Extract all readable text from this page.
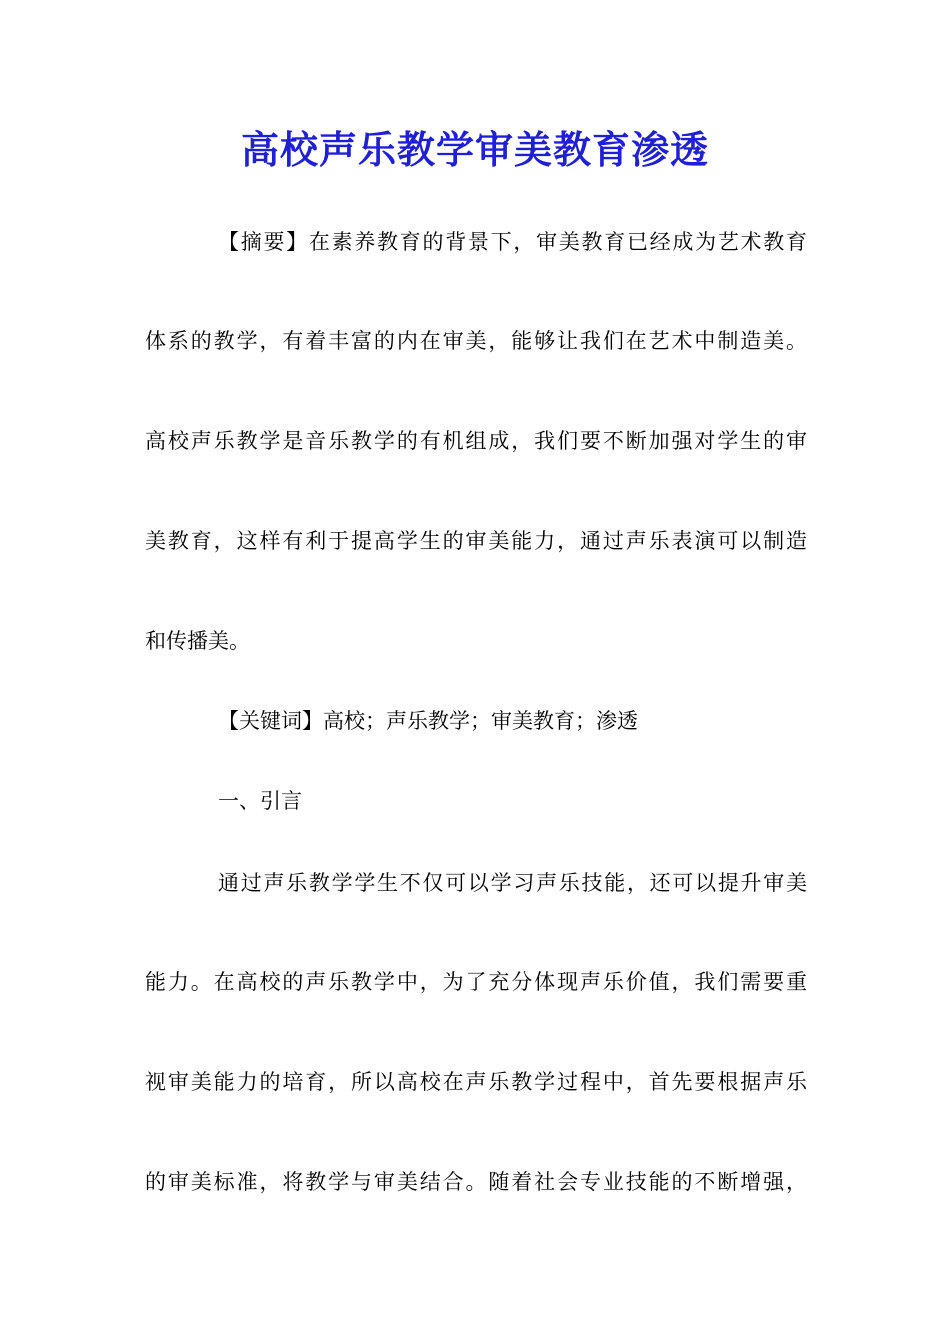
高校声乐教学审美教育渗透
【摘要】在素养教育的背景下，审美教育已经成为艺术教育
体系的教学，有着丰富的内在审美，能够让我们在艺术中制造美。
高校声乐教学是音乐教学的有机组成，我们要不断加强对学生的审
美教育，这样有利于提高学生的审美能力，通过声乐表演可以制造
和传播美。
【关键词】高校；声乐教学；审美教育；渗透
一、引言
通过声乐教学学生不仅可以学习声乐技能，还可以提升审美
能力。在高校的声乐教学中，为了充分体现声乐价值，我们需要重
视审美能力的培育，所以高校在声乐教学过程中，首先要根据声乐
的审美标准，将教学与审美结合。随着社会专业技能的不断增强，
